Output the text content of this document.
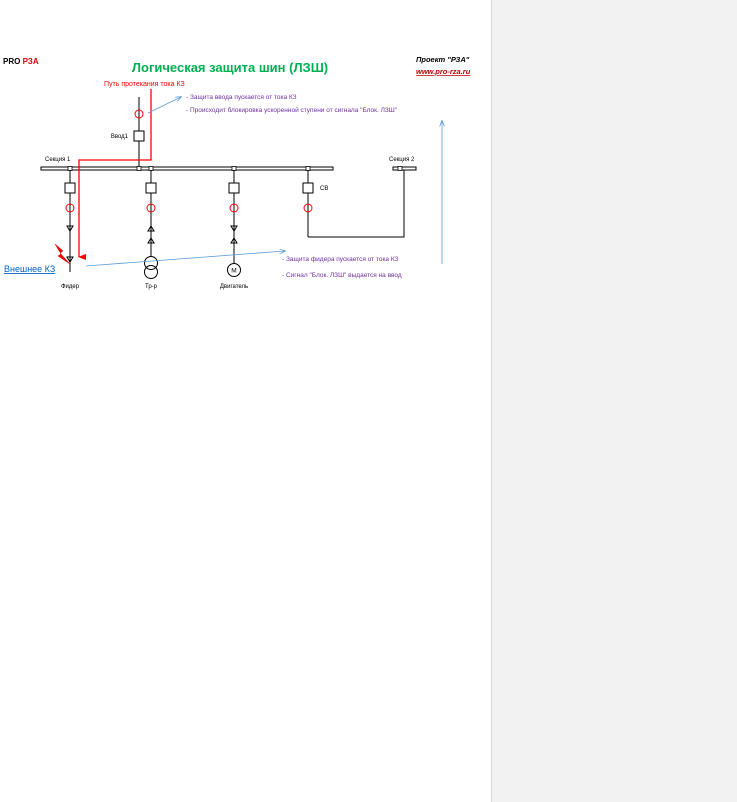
PRO РЗА	Логическая защита шин (ЛЗШ)
Проект "РЗА"
www.pro-rza.ru
Путь протекания тока КЗ
Ввод1
- Защита ввода пускается от тока КЗ
- Происходит блокировка ускоренной ступени от сигнала "Блок. ЛЗШ"
Секция 1	Секция 2
Фидер	Тр-р
М
Двигатель
СВ
Внешнее КЗ
- Защита фидера пускается от тока КЗ
- Сигнал "Блок. ЛЗШ" выдается на ввод
